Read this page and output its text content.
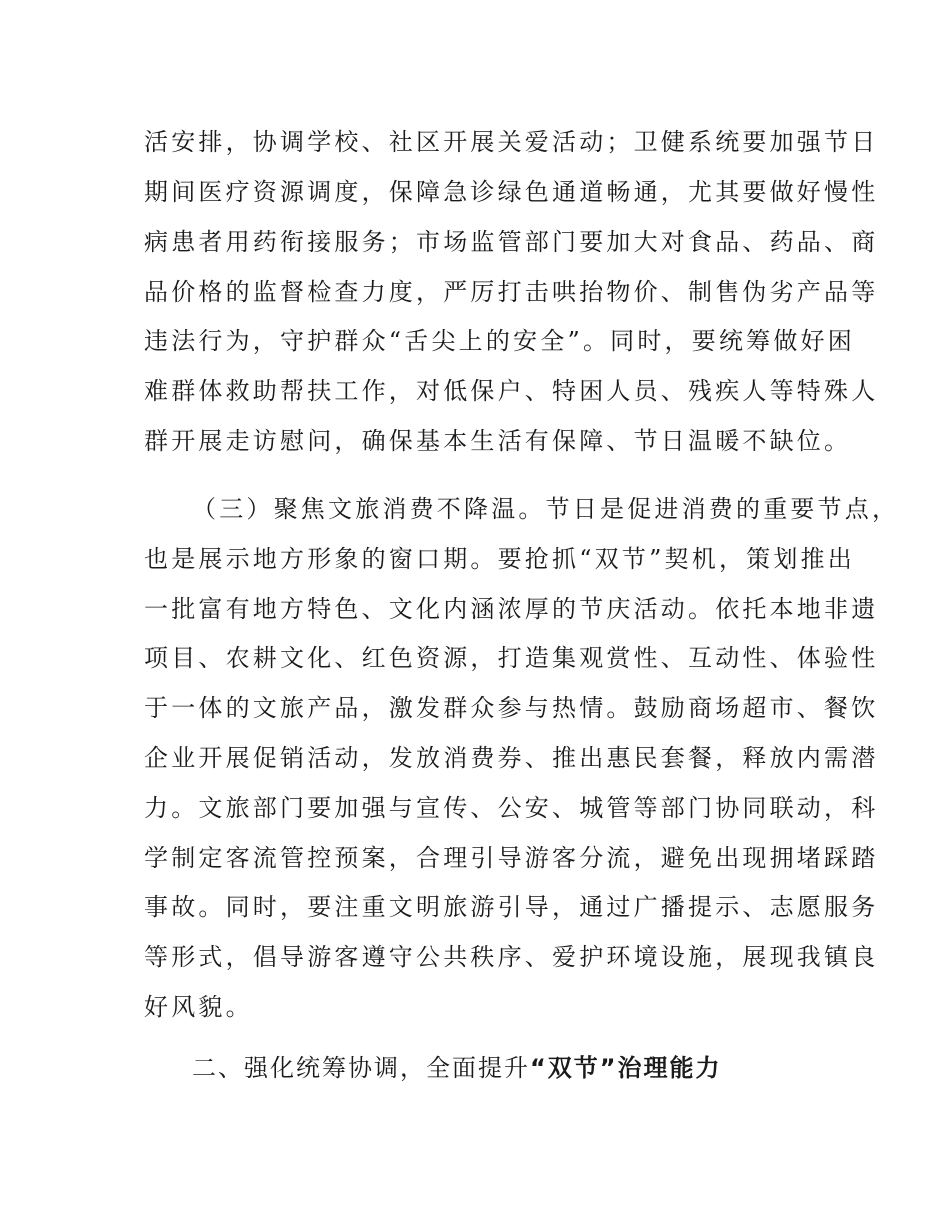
活安排，协调学校、社区开展关爱活动；卫健系统要加强节日
期间医疗资源调度，保障急诊绿色通道畅通，尤其要做好慢性
病患者用药衔接服务；市场监管部门要加大对食品、药品、商
品价格的监督检查力度，严厉打击哄抬物价、制售伪劣产品等
违法行为，守护群众“舌尖上的安全”。同时，要统筹做好困
难群体救助帮扶工作，对低保户、特困人员、残疾人等特殊人
群开展走访慰问，确保基本生活有保障、节日温暖不缺位。
（三）聚焦文旅消费不降温。节日是促进消费的重要节点，
也是展示地方形象的窗口期。要抢抓“双节”契机，策划推出
一批富有地方特色、文化内涵浓厚的节庆活动。依托本地非遗
项目、农耕文化、红色资源，打造集观赏性、互动性、体验性
于一体的文旅产品，激发群众参与热情。鼓励商场超市、餐饮
企业开展促销活动，发放消费券、推出惠民套餐，释放内需潜
力。文旅部门要加强与宣传、公安、城管等部门协同联动，科
学制定客流管控预案，合理引导游客分流，避免出现拥堵踩踏
事故。同时，要注重文明旅游引导，通过广播提示、志愿服务
等形式，倡导游客遵守公共秩序、爱护环境设施，展现我镇良
好风貌。
二、强化统筹协调，全面提升“双节”治理能力
